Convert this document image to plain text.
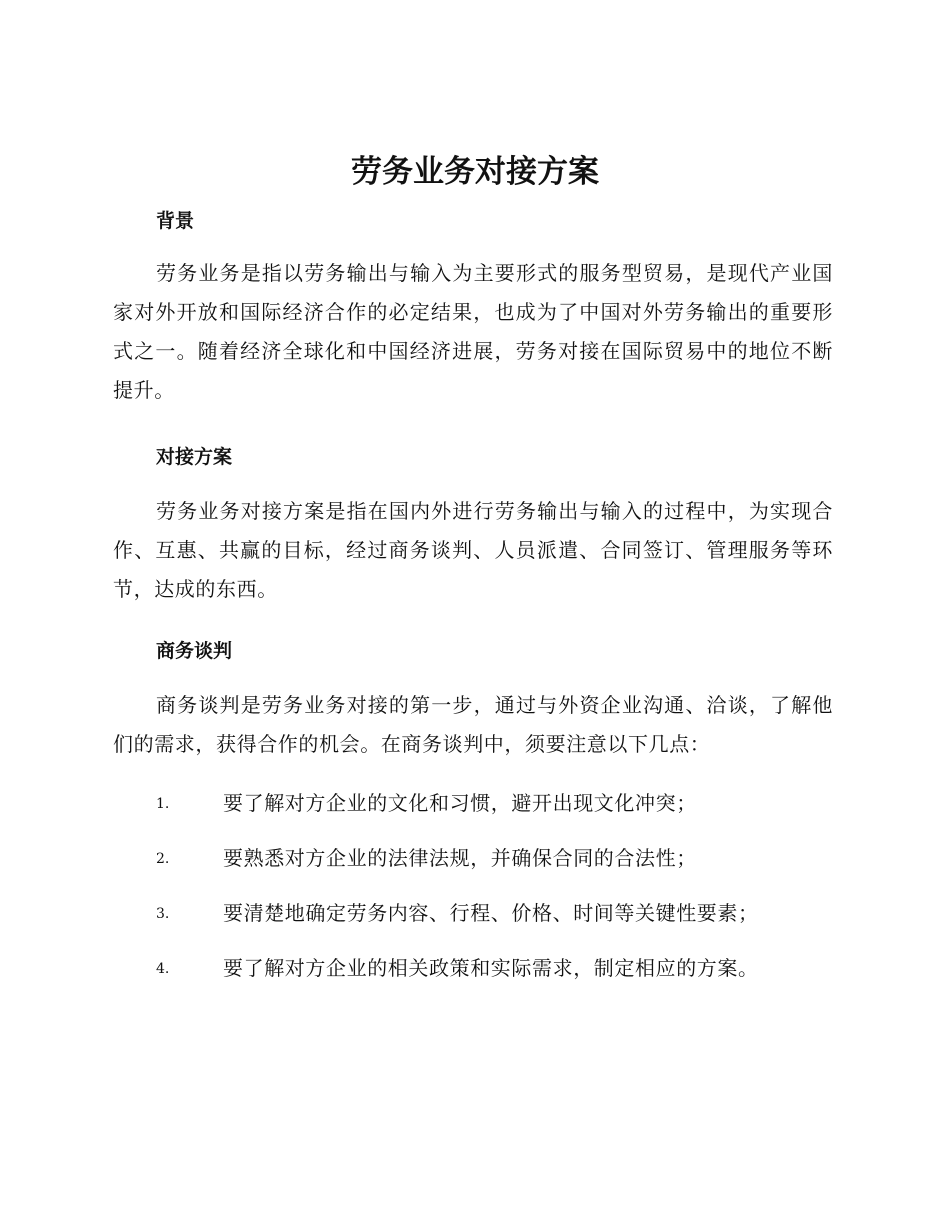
劳务业务对接方案
背景
劳务业务是指以劳务输出与输入为主要形式的服务型贸易，是现代产业国家对外开放和国际经济合作的必定结果，也成为了中国对外劳务输出的重要形式之一。随着经济全球化和中国经济进展，劳务对接在国际贸易中的地位不断提升。
对接方案
劳务业务对接方案是指在国内外进行劳务输出与输入的过程中，为实现合作、互惠、共赢的目标，经过商务谈判、人员派遣、合同签订、管理服务等环节，达成的东西。
商务谈判
商务谈判是劳务业务对接的第一步，通过与外资企业沟通、洽谈，了解他们的需求，获得合作的机会。在商务谈判中，须要注意以下几点：
1.	要了解对方企业的文化和习惯，避开出现文化冲突；
2.	要熟悉对方企业的法律法规，并确保合同的合法性；
3.	要清楚地确定劳务内容、行程、价格、时间等关键性要素；
4.	要了解对方企业的相关政策和实际需求，制定相应的方案。
